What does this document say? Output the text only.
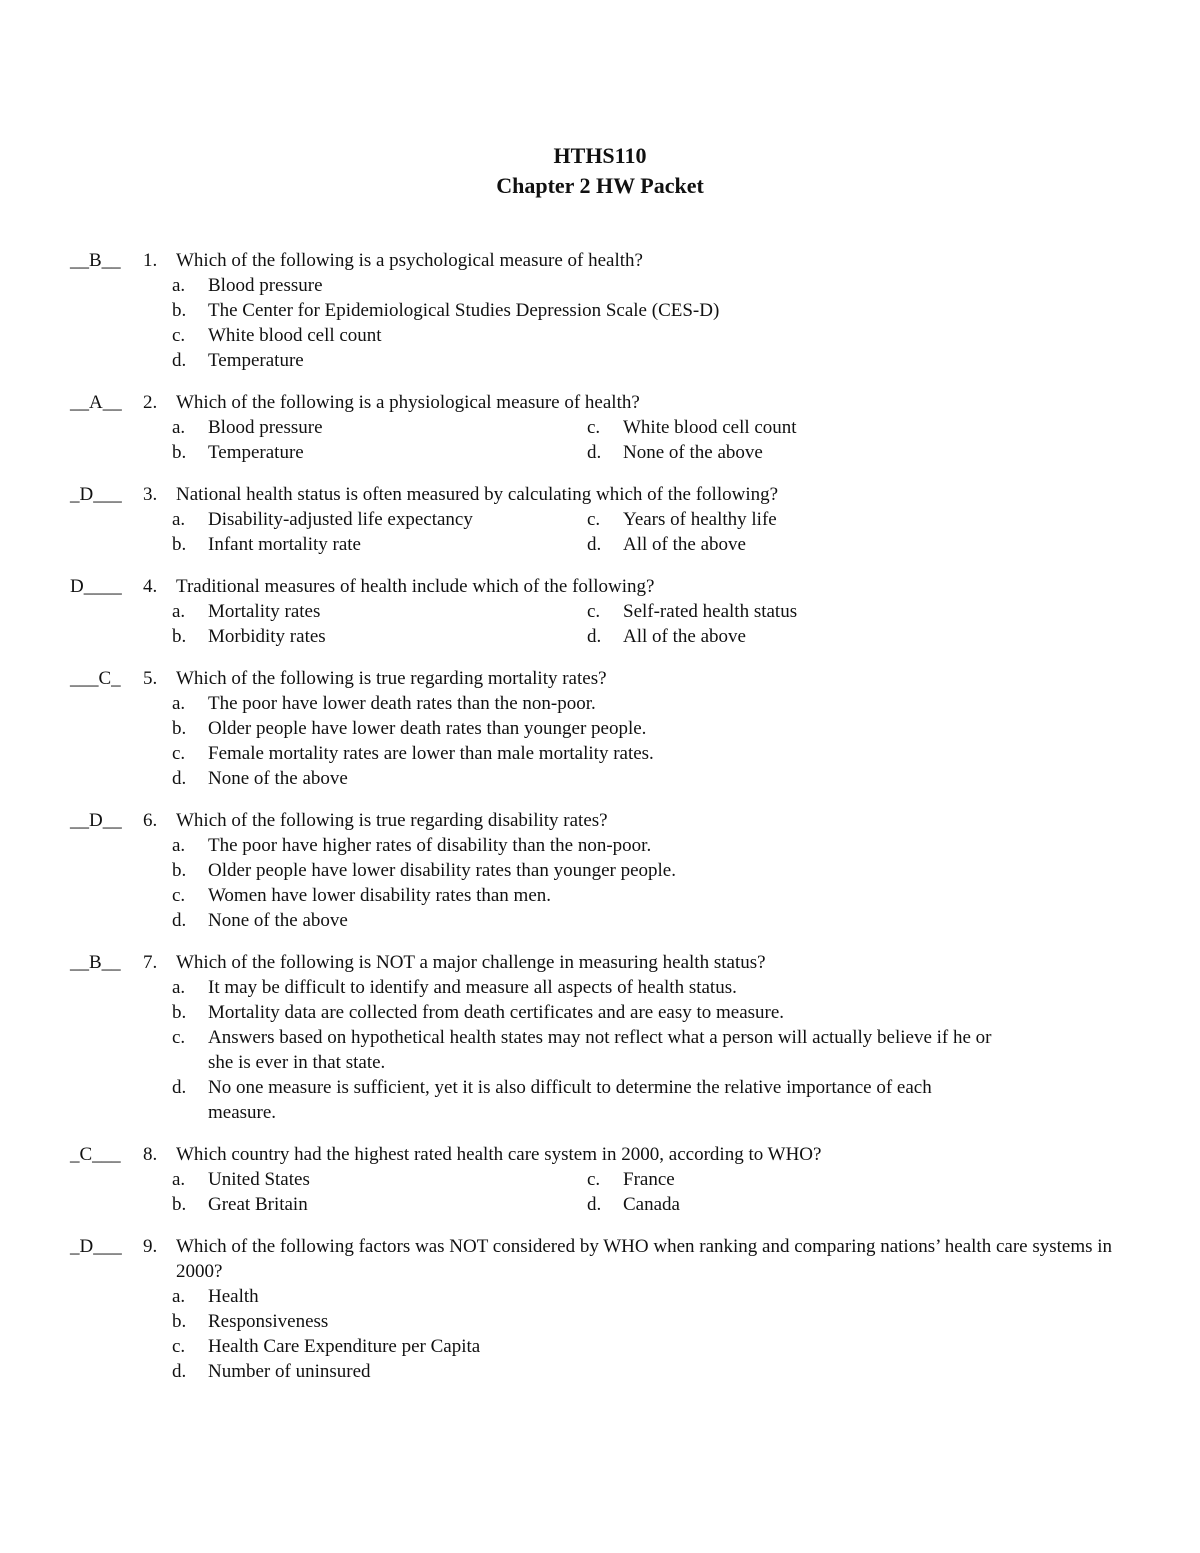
HTHS110
Chapter 2 HW Packet
__B__ 1. Which of the following is a psychological measure of health?
a. Blood pressure
b. The Center for Epidemiological Studies Depression Scale (CES-D)
c. White blood cell count
d. Temperature
__A__ 2. Which of the following is a physiological measure of health?
a. Blood pressure
b. Temperature
c. White blood cell count
d. None of the above
_D___ 3. National health status is often measured by calculating which of the following?
a. Disability-adjusted life expectancy
b. Infant mortality rate
c. Years of healthy life
d. All of the above
D____ 4. Traditional measures of health include which of the following?
a. Mortality rates
b. Morbidity rates
c. Self-rated health status
d. All of the above
___C_ 5. Which of the following is true regarding mortality rates?
a. The poor have lower death rates than the non-poor.
b. Older people have lower death rates than younger people.
c. Female mortality rates are lower than male mortality rates.
d. None of the above
__D__ 6. Which of the following is true regarding disability rates?
a. The poor have higher rates of disability than the non-poor.
b. Older people have lower disability rates than younger people.
c. Women have lower disability rates than men.
d. None of the above
__B__ 7. Which of the following is NOT a major challenge in measuring health status?
a. It may be difficult to identify and measure all aspects of health status.
b. Mortality data are collected from death certificates and are easy to measure.
c. Answers based on hypothetical health states may not reflect what a person will actually believe if he or she is ever in that state.
d. No one measure is sufficient, yet it is also difficult to determine the relative importance of each measure.
_C___ 8. Which country had the highest rated health care system in 2000, according to WHO?
a. United States
b. Great Britain
c. France
d. Canada
_D___ 9. Which of the following factors was NOT considered by WHO when ranking and comparing nations’ health care systems in 2000?
a. Health
b. Responsiveness
c. Health Care Expenditure per Capita
d. Number of uninsured
